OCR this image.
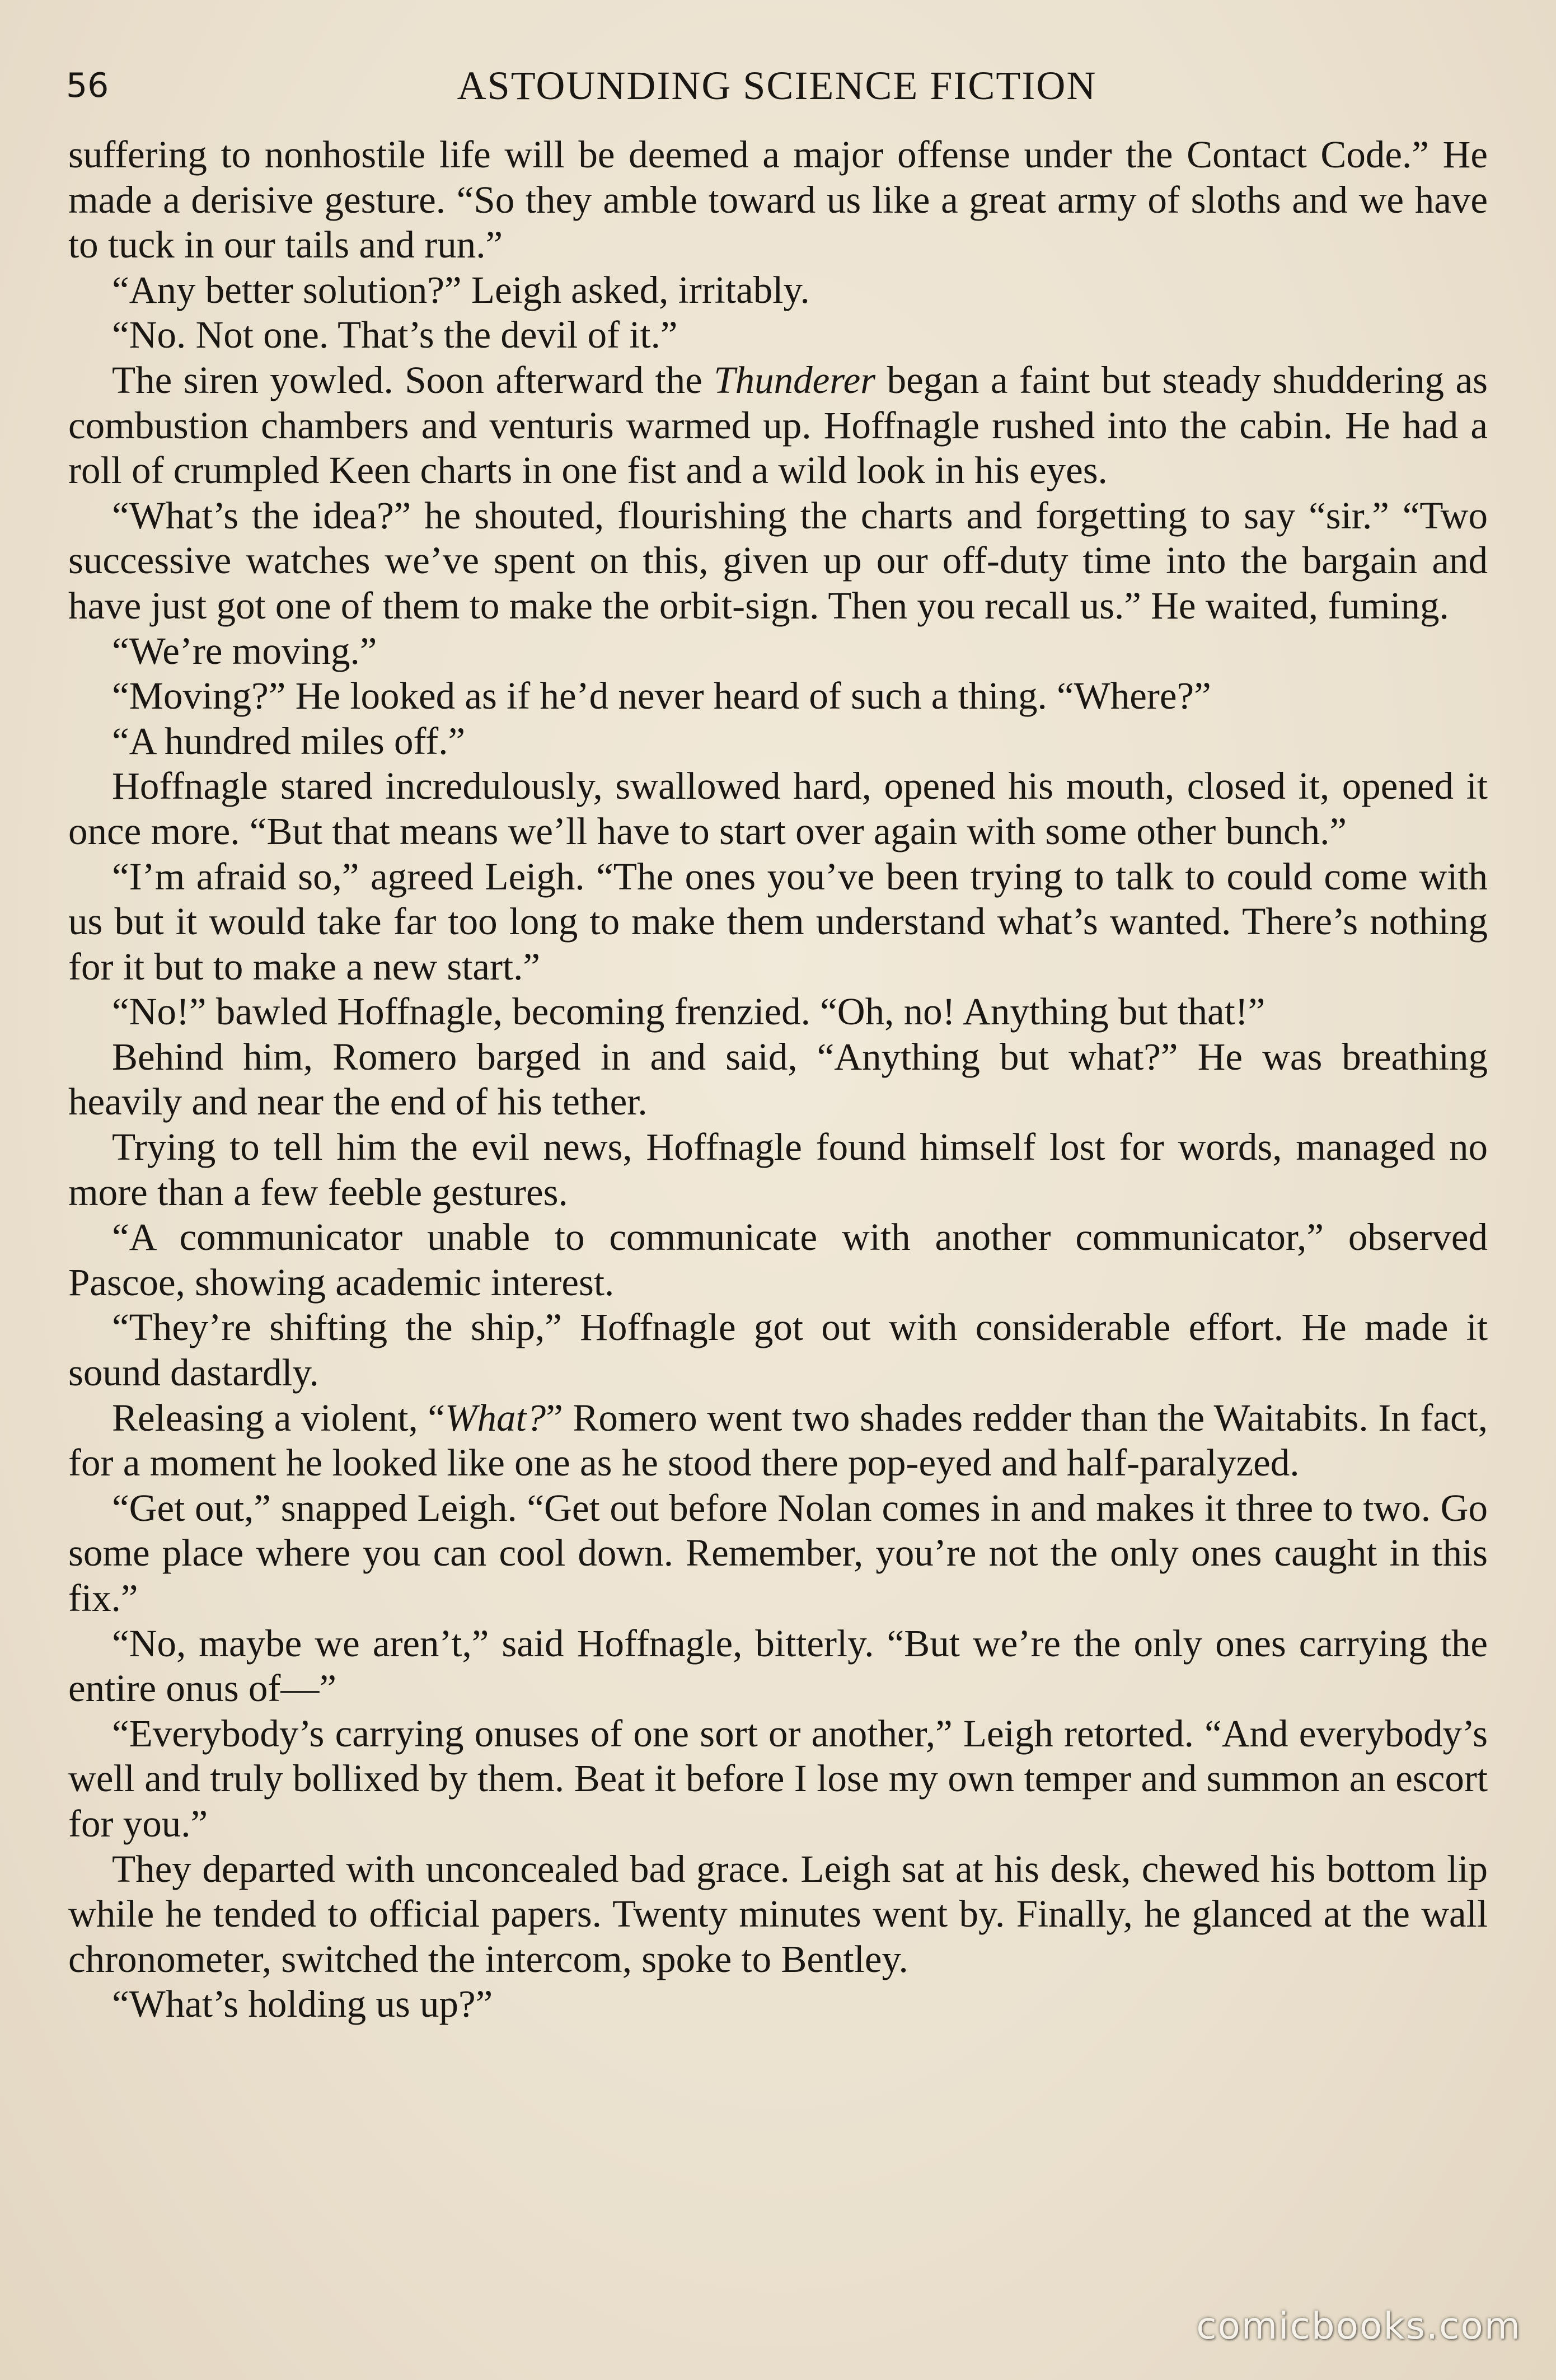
56	ASTOUNDING SCIENCE FICTION

suffering to nonhostile life will be deemed a major offense under the Contact Code.” He made a derisive gesture. “So they amble toward us like a great army of sloths and we have to tuck in our tails and run.”

“Any better solution?” Leigh asked, irritably.

“No. Not one. That’s the devil of it.”

The siren yowled. Soon afterward the Thunderer began a faint but steady shuddering as combustion chambers and venturis warmed up. Hoffnagle rushed into the cabin. He had a roll of crumpled Keen charts in one fist and a wild look in his eyes.

“What’s the idea?” he shouted, flourishing the charts and forgetting to say “sir.” “Two successive watches we’ve spent on this, given up our off-duty time into the bargain and have just got one of them to make the orbit-sign. Then you recall us.” He waited, fuming.

“We’re moving.”

“Moving?” He looked as if he’d never heard of such a thing. “Where?”

“A hundred miles off.”

Hoffnagle stared incredulously, swallowed hard, opened his mouth, closed it, opened it once more. “But that means we’ll have to start over again with some other bunch.”

“I’m afraid so,” agreed Leigh. “The ones you’ve been trying to talk to could come with us but it would take far too long to make them understand what’s wanted. There’s nothing for it but to make a new start.”

“No!” bawled Hoffnagle, becoming frenzied. “Oh, no! Anything but that!”

Behind him, Romero barged in and said, “Anything but what?” He was breathing heavily and near the end of his tether.

Trying to tell him the evil news, Hoffnagle found himself lost for words, managed no more than a few feeble gestures.

“A communicator unable to communicate with another communicator,” observed Pascoe, showing academic interest.

“They’re shifting the ship,” Hoffnagle got out with considerable effort. He made it sound dastardly.

Releasing a violent, “What?” Romero went two shades redder than the Waitabits. In fact, for a moment he looked like one as he stood there pop-eyed and half-paralyzed.

“Get out,” snapped Leigh. “Get out before Nolan comes in and makes it three to two. Go some place where you can cool down. Remember, you’re not the only ones caught in this fix.”

“No, maybe we aren’t,” said Hoffnagle, bitterly. “But we’re the only ones carrying the entire onus of—”

“Everybody’s carrying onuses of one sort or another,” Leigh retorted. “And everybody’s well and truly bollixed by them. Beat it before I lose my own temper and summon an escort for you.”

They departed with unconcealed bad grace. Leigh sat at his desk, chewed his bottom lip while he tended to official papers. Twenty minutes went by. Finally, he glanced at the wall chronometer, switched the intercom, spoke to Bentley.

“What’s holding us up?”

comicbooks.com
